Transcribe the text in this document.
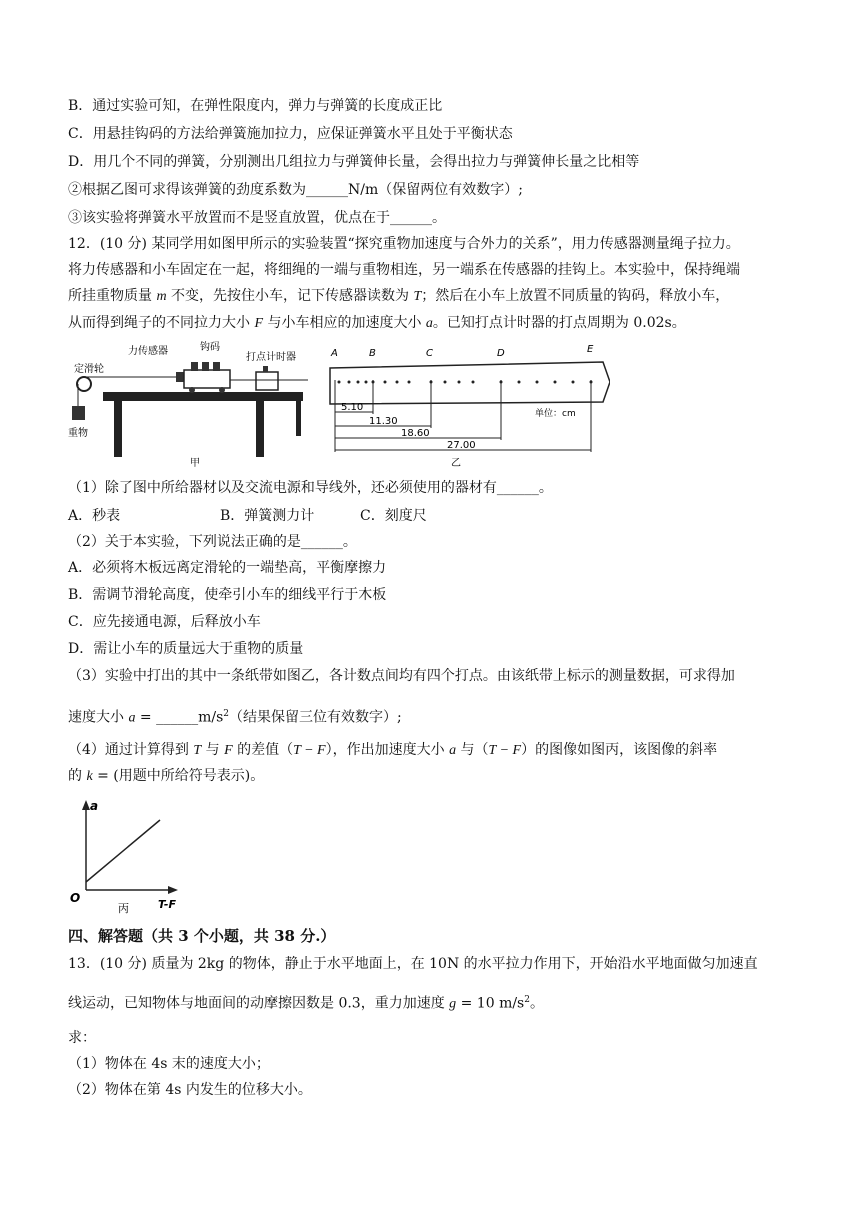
B．通过实验可知，在弹性限度内，弹力与弹簧的长度成正比
C．用悬挂钩码的方法给弹簧施加拉力，应保证弹簧水平且处于平衡状态
D．用几个不同的弹簧，分别测出几组拉力与弹簧伸长量，会得出拉力与弹簧伸长量之比相等
②根据乙图可求得该弹簧的劲度系数为______N/m（保留两位有效数字）;
③该实验将弹簧水平放置而不是竖直放置，优点在于______。
12．(10 分) 某同学用如图甲所示的实验装置“探究重物加速度与合外力的关系”，用力传感器测量绳子拉力。
将力传感器和小车固定在一起，将细绳的一端与重物相连，另一端系在传感器的挂钩上。本实验中，保持绳端
所挂重物质量 m 不变，先按住小车，记下传感器读数为 T；然后在小车上放置不同质量的钩码，释放小车，
从而得到绳子的不同拉力大小 F 与小车相应的加速度大小 a。已知打点计时器的打点周期为 0.02s。
定滑轮
力传感器	钩码
打点计时器
重物
甲
A	B	C	D	E
5.10
11.30
18.60
27.00
单位：cm
乙
（1）除了图中所给器材以及交流电源和导线外，还必须使用的器材有______。
A．秒表	B．弹簧测力计	C．刻度尺
（2）关于本实验，下列说法正确的是______。
A．必须将木板远离定滑轮的一端垫高，平衡摩擦力
B．需调节滑轮高度，使牵引小车的细线平行于木板
C．应先接通电源，后释放小车
D．需让小车的质量远大于重物的质量
（3）实验中打出的其中一条纸带如图乙，各计数点间均有四个打点。由该纸带上标示的测量数据，可求得加
速度大小 $a = \_\_\_\_\_\_m/s^2$（结果保留三位有效数字）;
（4）通过计算得到 T 与 F 的差值（T − F），作出加速度大小 a 与（T − F）的图像如图丙，该图像的斜率
的 k = (用题中所给符号表示)。
a
O	T-F
丙
四、解答题（共 3 个小题，共 38 分.）
13．(10 分) 质量为 2kg 的物体，静止于水平地面上，在 10N 的水平拉力作用下，开始沿水平地面做匀加速直
线运动，已知物体与地面间的动摩擦因数是 0.3，重力加速度 g = 10 $m/s^2$。
求：
（1）物体在 4s 末的速度大小；
（2）物体在第 4s 内发生的位移大小。
